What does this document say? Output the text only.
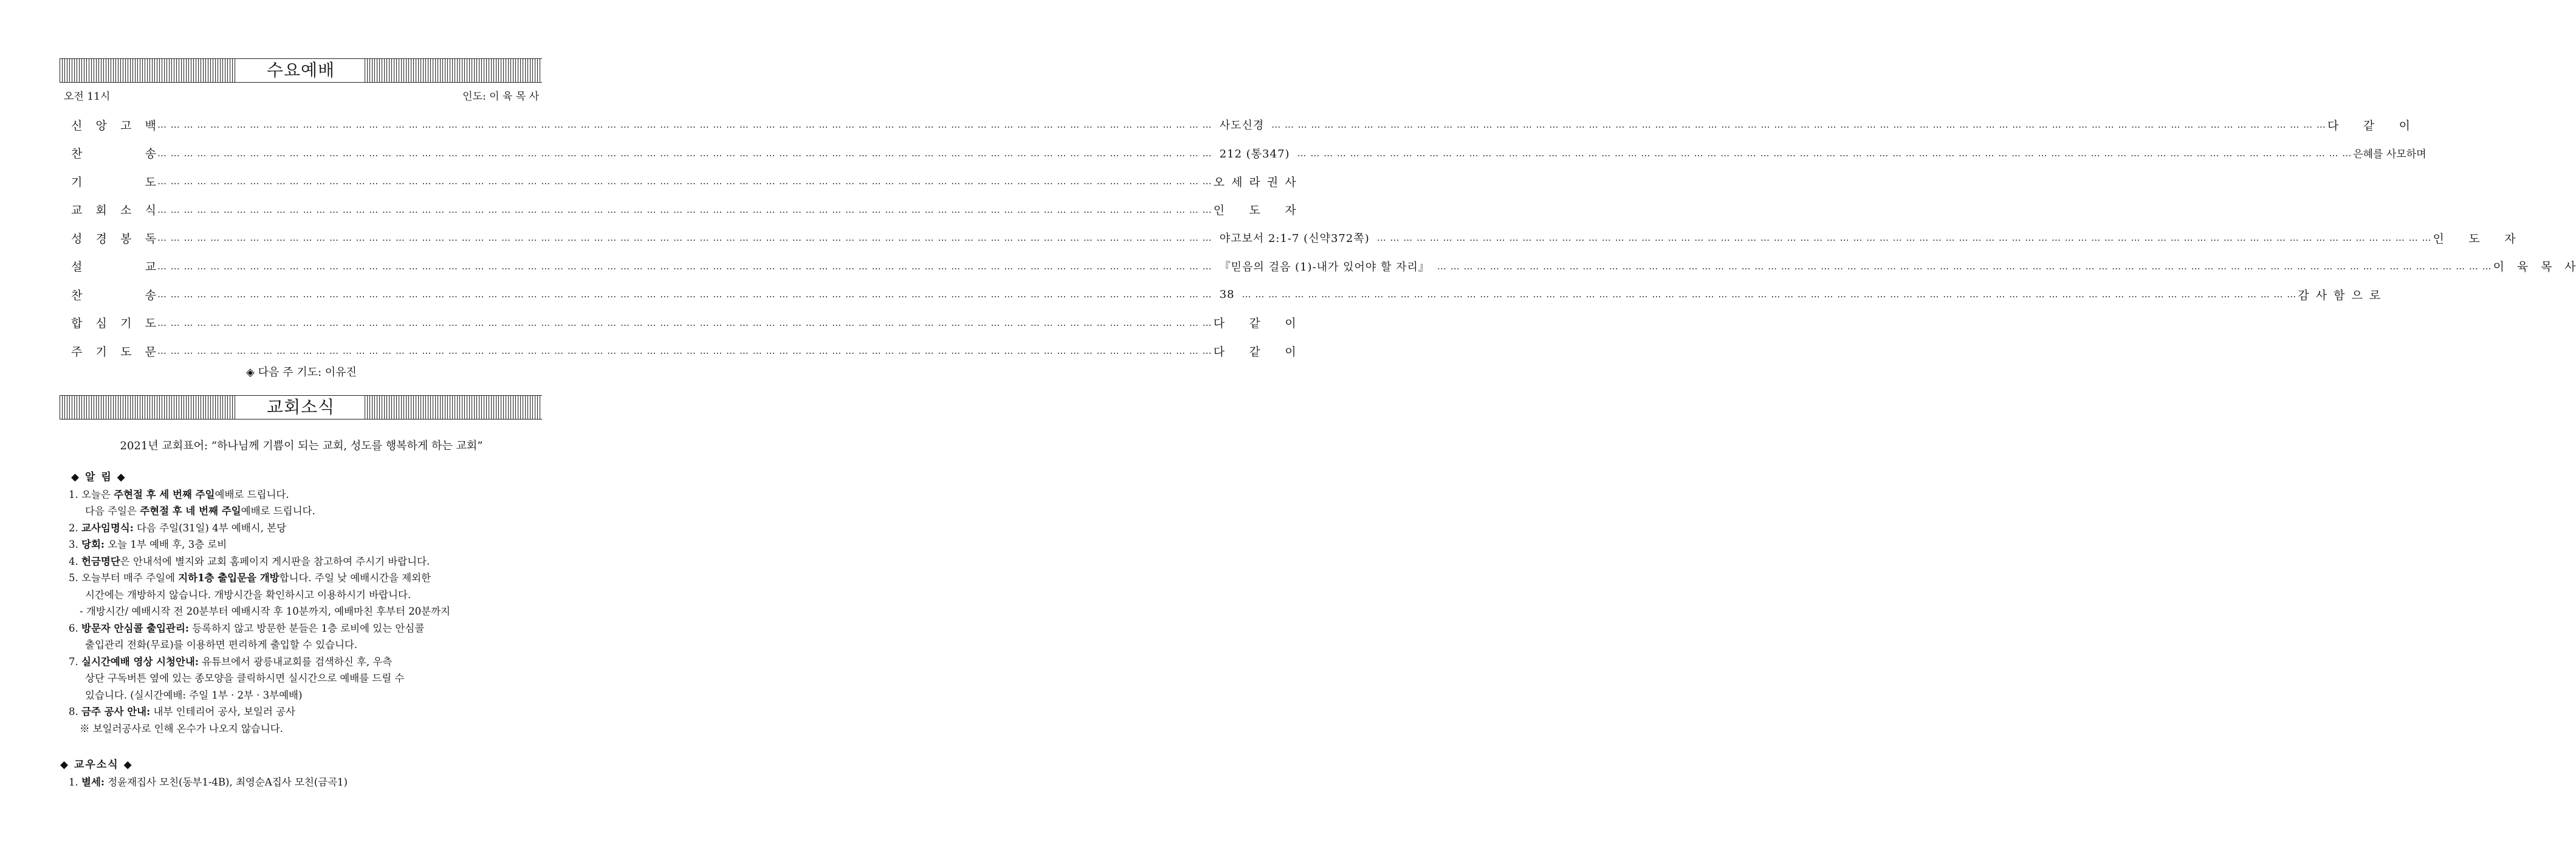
수요예배
오전 11시	인도: 이 육 목 사
신 앙 고 백 … … … … … … … … … … … … … … … … … … … … … … … … … … … … … … … … … … … … … … … … … … … … … … … … … … … … … … … … … … … … … … … … … … … … … … … … … … … … … … … … 사도신경 … … … … … … … … … … … … … … … … … … … … … … … … … … … … … … … … … … … … … … … … … … … … … … … … … … … … … … … … … … … … … … … … … … … … … … … … … … … … … … … … 다 같 이
찬	송 … … … … … … … … … … … … … … … … … … … … … … … … … … … … … … … … … … … … … … … … … … … … … … … … … … … … … … … … … … … … … … … … … … … … … … … … … … … … … … … … 212 (통347) … … … … … … … … … … … … … … … … … … … … … … … … … … … … … … … … … … … … … … … … … … … … … … … … … … … … … … … … … … … … … … … … … … … … … … … … … … … … … … … … 은혜를 사모하며
기	도 … … … … … … … … … … … … … … … … … … … … … … … … … … … … … … … … … … … … … … … … … … … … … … … … … … … … … … … … … … … … … … … … … … … … … … … … … … … … … … … … 오 세 라 권 사
교 회 소 식 … … … … … … … … … … … … … … … … … … … … … … … … … … … … … … … … … … … … … … … … … … … … … … … … … … … … … … … … … … … … … … … … … … … … … … … … … … … … … … … … 인 도 자
성 경 봉 독 … … … … … … … … … … … … … … … … … … … … … … … … … … … … … … … … … … … … … … … … … … … … … … … … … … … … … … … … … … … … … … … … … … … … … … … … … … … … … … … … 야고보서 2:1-7 (신약372쪽) … … … … … … … … … … … … … … … … … … … … … … … … … … … … … … … … … … … … … … … … … … … … … … … … … … … … … … … … … … … … … … … … … … … … … … … … … … … … … … … … 인 도 자
설	교 … … … … … … … … … … … … … … … … … … … … … … … … … … … … … … … … … … … … … … … … … … … … … … … … … … … … … … … … … … … … … … … … … … … … … … … … … … … … … … … … 『믿음의 걸음 (1)-내가 있어야 할 자리』 … … … … … … … … … … … … … … … … … … … … … … … … … … … … … … … … … … … … … … … … … … … … … … … … … … … … … … … … … … … … … … … … … … … … … … … … … … … … … … … … 이 육 목 사
찬	송 … … … … … … … … … … … … … … … … … … … … … … … … … … … … … … … … … … … … … … … … … … … … … … … … … … … … … … … … … … … … … … … … … … … … … … … … … … … … … … … … 38 … … … … … … … … … … … … … … … … … … … … … … … … … … … … … … … … … … … … … … … … … … … … … … … … … … … … … … … … … … … … … … … … … … … … … … … … … … … … … … … … 감 사 함 으 로
합 심 기 도 … … … … … … … … … … … … … … … … … … … … … … … … … … … … … … … … … … … … … … … … … … … … … … … … … … … … … … … … … … … … … … … … … … … … … … … … … … … … … … … … 다 같 이
주 기 도 문 … … … … … … … … … … … … … … … … … … … … … … … … … … … … … … … … … … … … … … … … … … … … … … … … … … … … … … … … … … … … … … … … … … … … … … … … … … … … … … … … 다 같 이
◈ 다음 주 기도: 이유진
교회소식
2021년 교회표어: “하나님께 기쁨이 되는 교회, 성도를 행복하게 하는 교회”
◆ 알 림 ◆
1. 오늘은 주현절 후 세 번째 주일예배로 드립니다.
다음 주일은 주현절 후 네 번째 주일예배로 드립니다.
2. 교사임명식: 다음 주일(31일) 4부 예배시, 본당
3. 당회: 오늘 1부 예배 후, 3층 로비
4. 헌금명단은 안내석에 별지와 교회 홈페이지 게시판을 참고하여 주시기 바랍니다.
5. 오늘부터 매주 주일에 지하1층 출입문을 개방합니다. 주일 낮 예배시간을 제외한
시간에는 개방하지 않습니다. 개방시간을 확인하시고 이용하시기 바랍니다.
- 개방시간/ 예배시작 전 20분부터 예배시작 후 10분까지, 예배마친 후부터 20분까지
6. 방문자 안심콜 출입관리: 등록하지 않고 방문한 분들은 1층 로비에 있는 안심콜
출입관리 전화(무료)를 이용하면 편리하게 출입할 수 있습니다.
7. 실시간예배 영상 시청안내: 유튜브에서 광릉내교회를 검색하신 후, 우측
상단 구독버튼 옆에 있는 종모양을 클릭하시면 실시간으로 예배를 드릴 수
있습니다. (실시간예배: 주일 1부 · 2부 · 3부예배)
8. 금주 공사 안내: 내부 인테리어 공사, 보일러 공사
※ 보일러공사로 인해 온수가 나오지 않습니다.
◆ 교우소식 ◆
1. 별세: 정윤재집사 모친(동부1-4B), 최영순A집사 모친(금곡1)
